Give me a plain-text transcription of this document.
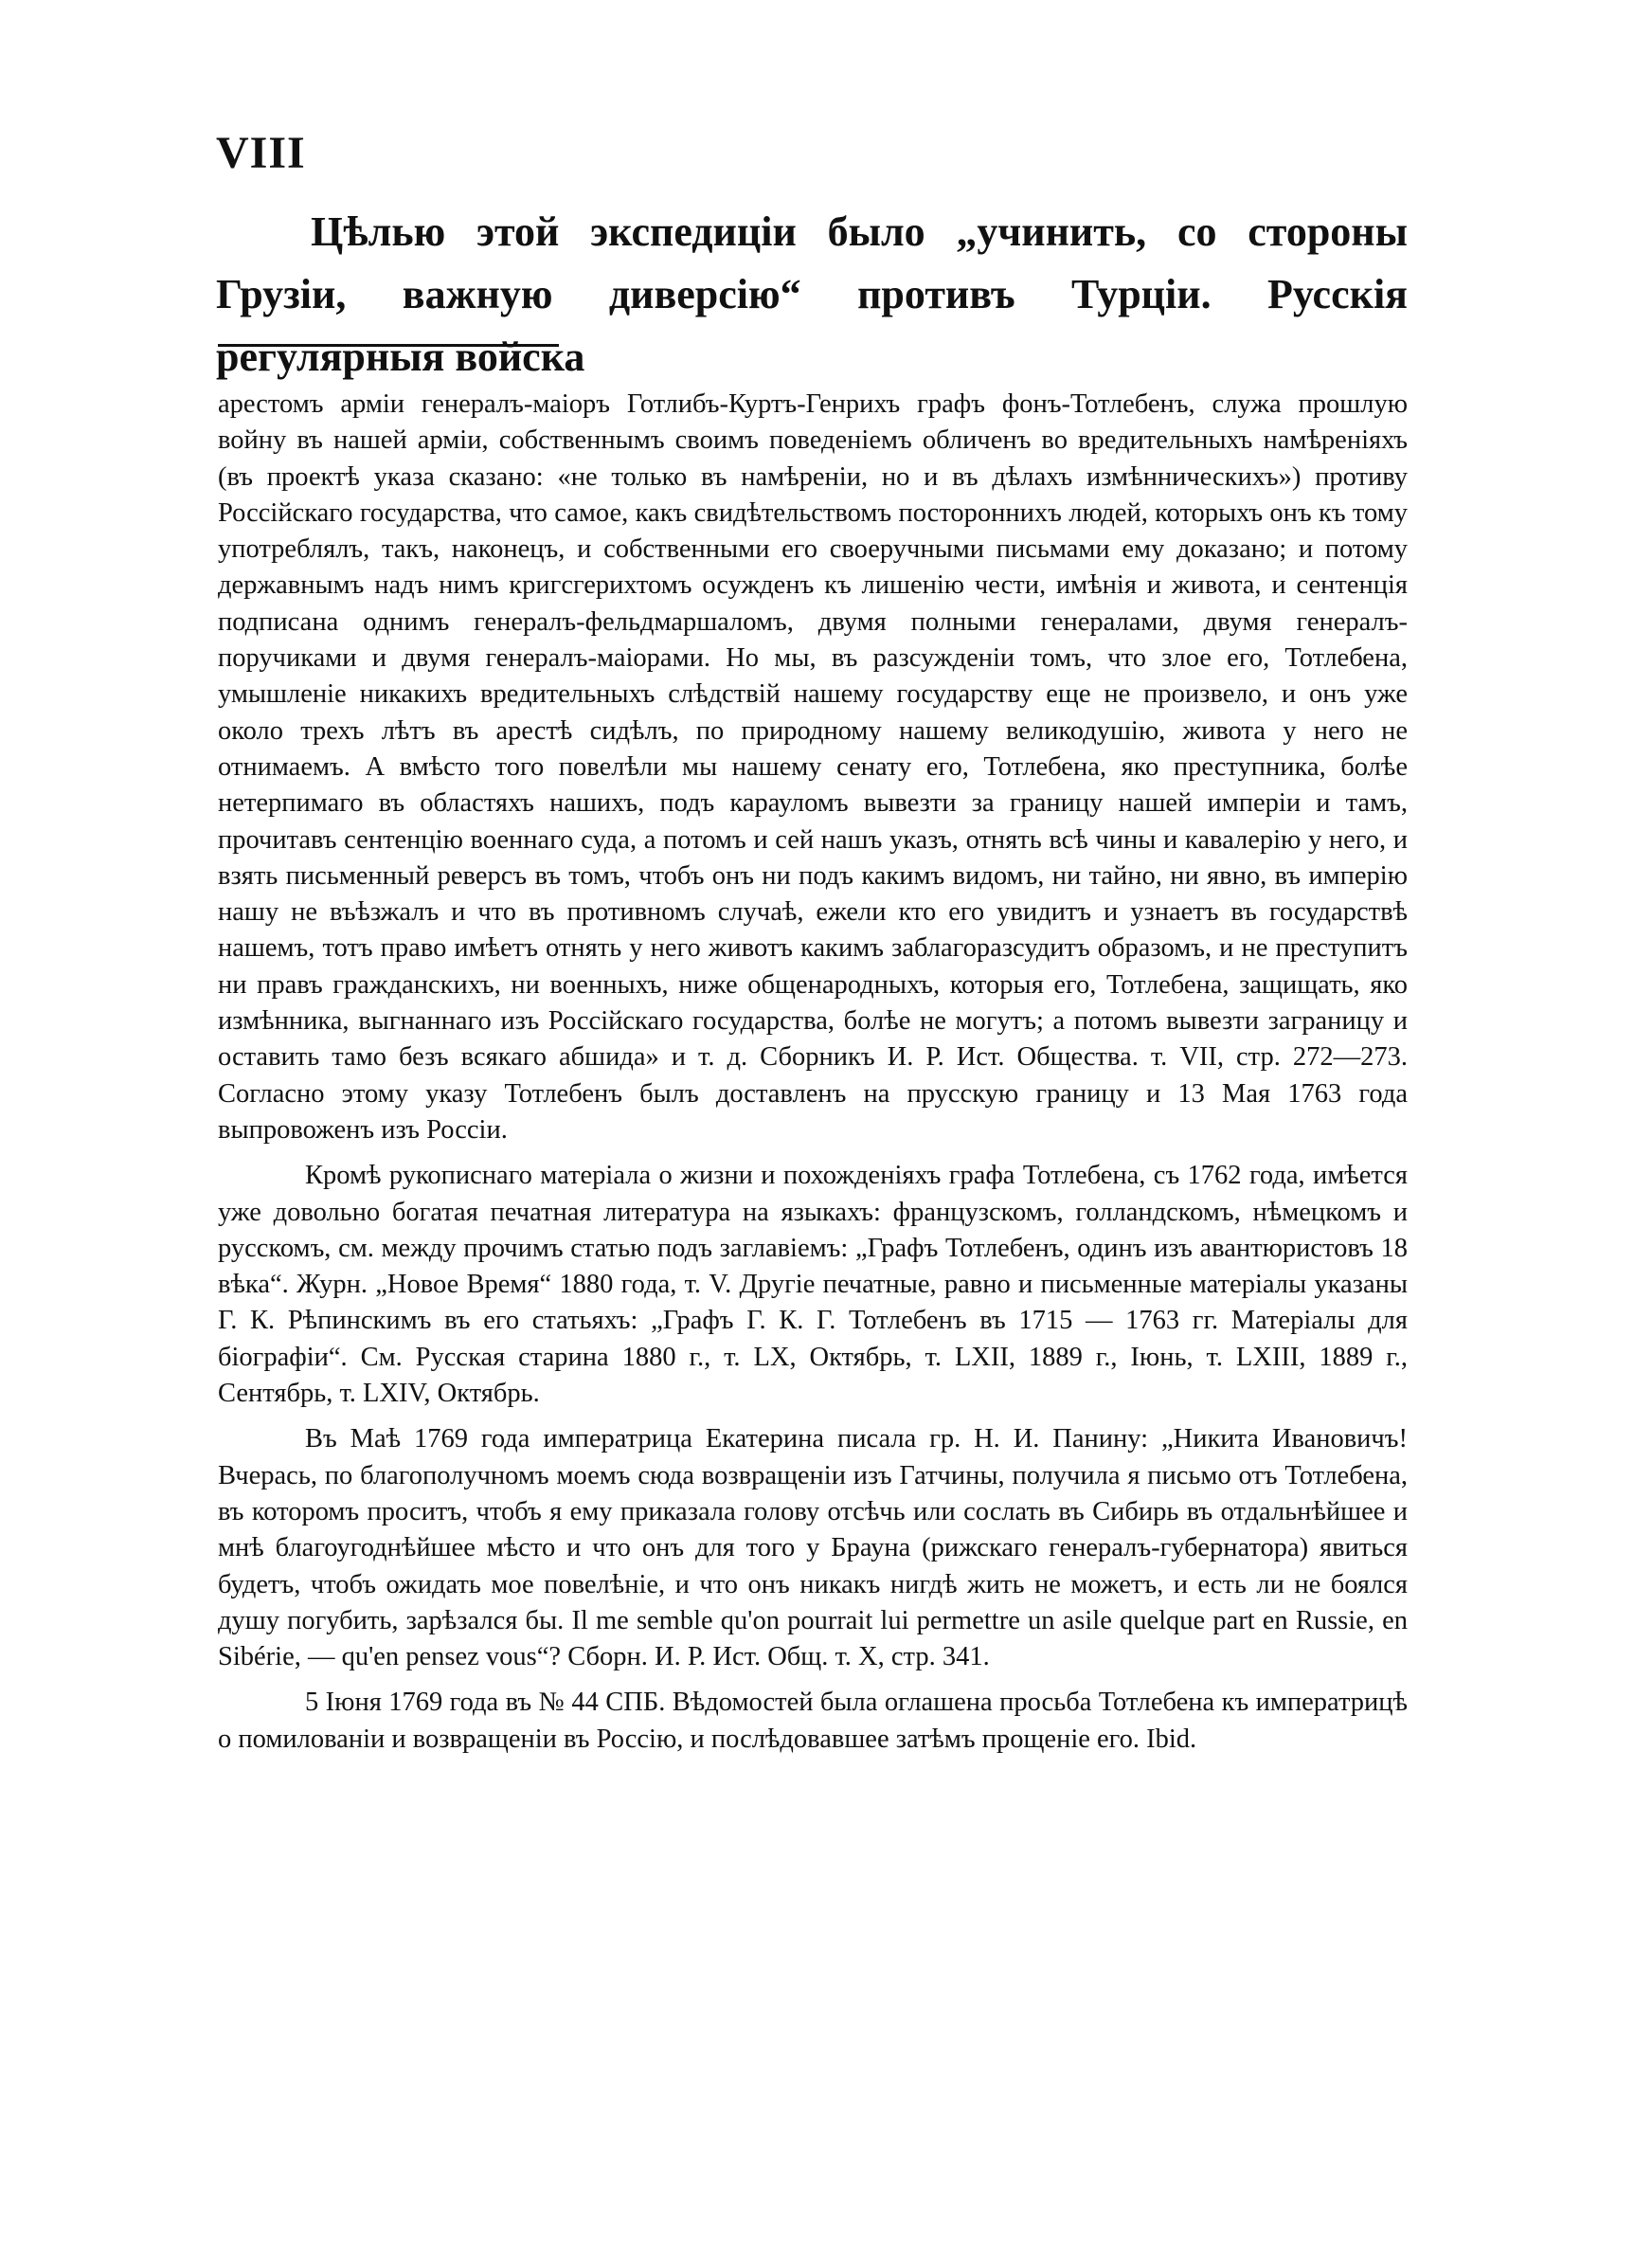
VIII

Цѣлью этой экспедиціи было „учинить, со стороны Грузіи, важную диверсію“ противъ Турціи. Русскія регулярныя войска

арестомъ арміи генералъ-маіоръ Готлибъ-Куртъ-Генрихъ графъ фонъ-Тотлебенъ, служа прошлую войну въ нашей арміи, собственнымъ своимъ поведеніемъ обличенъ во вредительныхъ намѣреніяхъ (въ проектѣ указа сказано: «не только въ намѣреніи, но и въ дѣлахъ измѣнническихъ») противу Россійскаго государства, что самое, какъ свидѣтельствомъ посторонниxъ людей, которыхъ онъ къ тому употреблялъ, такъ, наконецъ, и собственными его своеручными письмами ему доказано; и потому державнымъ надъ нимъ кригсгерихтомъ осужденъ къ лишенію чести, имѣнія и живота, и сентенція подписана однимъ генералъ-фельдмаршаломъ, двумя полными генералами, двумя генералъ-поручиками и двумя генералъ-маіорами. Но мы, въ разсужденіи томъ, что злое его, Тотлебена, умышленіе никакихъ вредительныхъ слѣдствій нашему государству еще не произвело, и онъ уже около трехъ лѣтъ въ арестѣ сидѣлъ, по природному нашему великодушію, живота у него не отнимаемъ. А вмѣсто того повелѣли мы нашему сенату его, Тотлебена, яко преступника, болѣе нетерпимаго въ областяхъ нашихъ, подъ карауломъ вывезти за границу нашей имперіи и тамъ, прочитавъ сентенцію военнаго суда, а потомъ и сей нашъ указъ, отнять всѣ чины и кавалерію у него, и взять письменный реверсъ въ томъ, чтобъ онъ ни подъ какимъ видомъ, ни тайно, ни явно, въ имперію нашу не въѣзжалъ и что въ противномъ случаѣ, ежели кто его увидитъ и узнаетъ въ государствѣ нашемъ, тотъ право имѣетъ отнять у него животъ какимъ заблагоразсудитъ образомъ, и не преступитъ ни правъ гражданскихъ, ни военныхъ, ниже общенародныхъ, которыя его, Тотлебена, защищать, яко измѣнника, выгнаннаго изъ Россійскаго государства, болѣе не могутъ; а потомъ вывезти заграницу и оставить тамо безъ всякаго абшида» и т. д. Сборникъ И. Р. Ист. Общества. т. VII, стр. 272—273. Согласно этому указу Тотлебенъ былъ доставленъ на прусскую границу и 13 Мая 1763 года выпровоженъ изъ Россіи.

Кромѣ рукописнаго матеріала о жизни и похожденіяхъ графа Тотлебена, съ 1762 года, имѣется уже довольно богатая печатная литература на языкахъ: французскомъ, голландскомъ, нѣмецкомъ и русскомъ, см. между прочимъ статью подъ заглавіемъ: „Графъ Тотлебенъ, одинъ изъ авантюристовъ 18 вѣка“. Журн. „Новое Время“ 1880 года, т. V. Другіе печатные, равно и письменные матеріалы указаны Г. К. Рѣпинскимъ въ его статьяхъ: „Графъ Г. К. Г. Тотлебенъ въ 1715 — 1763 гг. Матеріалы для біографіи“. См. Русская старина 1880 г., т. LX, Октябрь, т. LXII, 1889 г., Іюнь, т. LXIII, 1889 г., Сентябрь, т. LXIV, Октябрь.

Въ Маѣ 1769 года императрица Екатерина писала гр. Н. И. Панину: „Никита Ивановичъ! Вчерась, по благополучномъ моемъ сюда возвращеніи изъ Гатчины, получила я письмо отъ Тотлебена, въ которомъ проситъ, чтобъ я ему приказала голову отсѣчь или сослать въ Сибирь въ отдальнѣйшее и мнѣ благоугоднѣйшее мѣсто и что онъ для того у Брауна (рижскаго генералъ-губернатора) явиться будетъ, чтобъ ожидать мое повелѣніе, и что онъ никакъ нигдѣ жить не можетъ, и есть ли не боялся душу погубить, зарѣзался бы. Il me semble qu'on pourrait lui permettre un asile quelque part en Russie, en Sibérie, — qu'en pensez vous“? Сборн. И. Р. Ист. Общ. т. X, стр. 341.

5 Іюня 1769 года въ № 44 СПБ. Вѣдомостей была оглашена просьба Тотлебена къ императрицѣ о помилованіи и возвращеніи въ Россію, и послѣдовавшее затѣмъ прощеніе его. Ibid.
